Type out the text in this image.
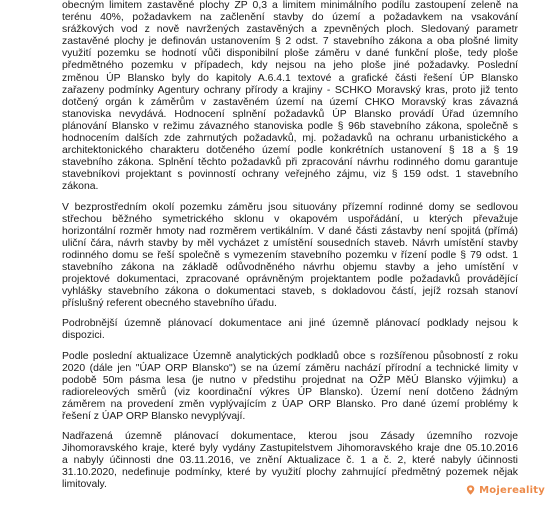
obecným limitem zastavěné plochy ZP 0,3 a limitem minimálního podílu zastoupení zeleně na
terénu 40%, požadavkem na začlenění stavby do území a požadavkem na vsakování
srážkových vod z nově navržených zastavěných a zpevněných ploch. Sledovaný parametr
zastavěné plochy je definován ustanovením § 2 odst. 7 stavebního zákona a oba plošné limity
využití pozemku se hodnotí vůči disponibilní ploše záměru v dané funkční ploše, tedy ploše
předmětného pozemku v případech, kdy nejsou na jeho ploše jiné požadavky. Poslední
změnou ÚP Blansko byly do kapitoly A.6.4.1 textové a grafické části řešení ÚP Blansko
zařazeny podmínky Agentury ochrany přírody a krajiny - SCHKO Moravský kras, proto již tento
dotčený orgán k záměrům v zastavěném území na území CHKO Moravský kras závazná
stanoviska nevydává. Hodnocení splnění požadavků ÚP Blansko provádí Úřad územního
plánování Blansko v režimu závazného stanoviska podle § 96b stavebního zákona, společně s
hodnocením dalších zde zahrnutých požadavků, mj. požadavků na ochranu urbanistického a
architektonického charakteru dotčeného území podle konkrétních ustanovení § 18 a § 19
stavebního zákona. Splnění těchto požadavků při zpracování návrhu rodinného domu garantuje
stavebníkovi projektant s povinností ochrany veřejného zájmu, viz § 159 odst. 1 stavebního
zákona.
V bezprostředním okolí pozemku záměru jsou situovány přízemní rodinné domy se sedlovou
střechou běžného symetrického sklonu v okapovém uspořádání, u kterých převažuje
horizontální rozměr hmoty nad rozměrem vertikálním. V dané části zástavby není spojitá (přímá)
uliční čára, návrh stavby by měl vycházet z umístění sousedních staveb. Návrh umístění stavby
rodinného domu se řeší společně s vymezením stavebního pozemku v řízení podle § 79 odst. 1
stavebního zákona na základě odůvodněného návrhu objemu stavby a jeho umístění v
projektové dokumentaci, zpracované oprávněným projektantem podle požadavků provádějící
vyhlášky stavebního zákona o dokumentaci staveb, s dokladovou částí, jejíž rozsah stanoví
příslušný referent obecného stavebního úřadu.
Podrobnější územně plánovací dokumentace ani jiné územně plánovací podklady nejsou k
dispozici.
Podle poslední aktualizace Územně analytických podkladů obce s rozšířenou působností z roku
2020 (dále jen "ÚAP ORP Blansko") se na území záměru nachází přírodní a technické limity v
podobě 50m pásma lesa (je nutno v předstihu projednat na OŽP MěÚ Blansko výjimku) a
radioreleových směrů (viz koordinační výkres ÚP Blansko). Území není dotčeno žádným
záměrem na provedení změn vyplývajícím z ÚAP ORP Blansko. Pro dané území problémy k
řešení z ÚAP ORP Blansko nevyplývají.
Nadřazená územně plánovací dokumentace, kterou jsou Zásady územního rozvoje
Jihomoravského kraje, které byly vydány Zastupitelstvem Jihomoravského kraje dne 05.10.2016
a nabyly účinnosti dne 03.11.2016, ve znění Aktualizace č. 1 a č. 2, které nabyly účinnosti
31.10.2020, nedefinuje podmínky, které by využití plochy zahrnující předmětný pozemek nějak
limitovaly.	Mojereality
